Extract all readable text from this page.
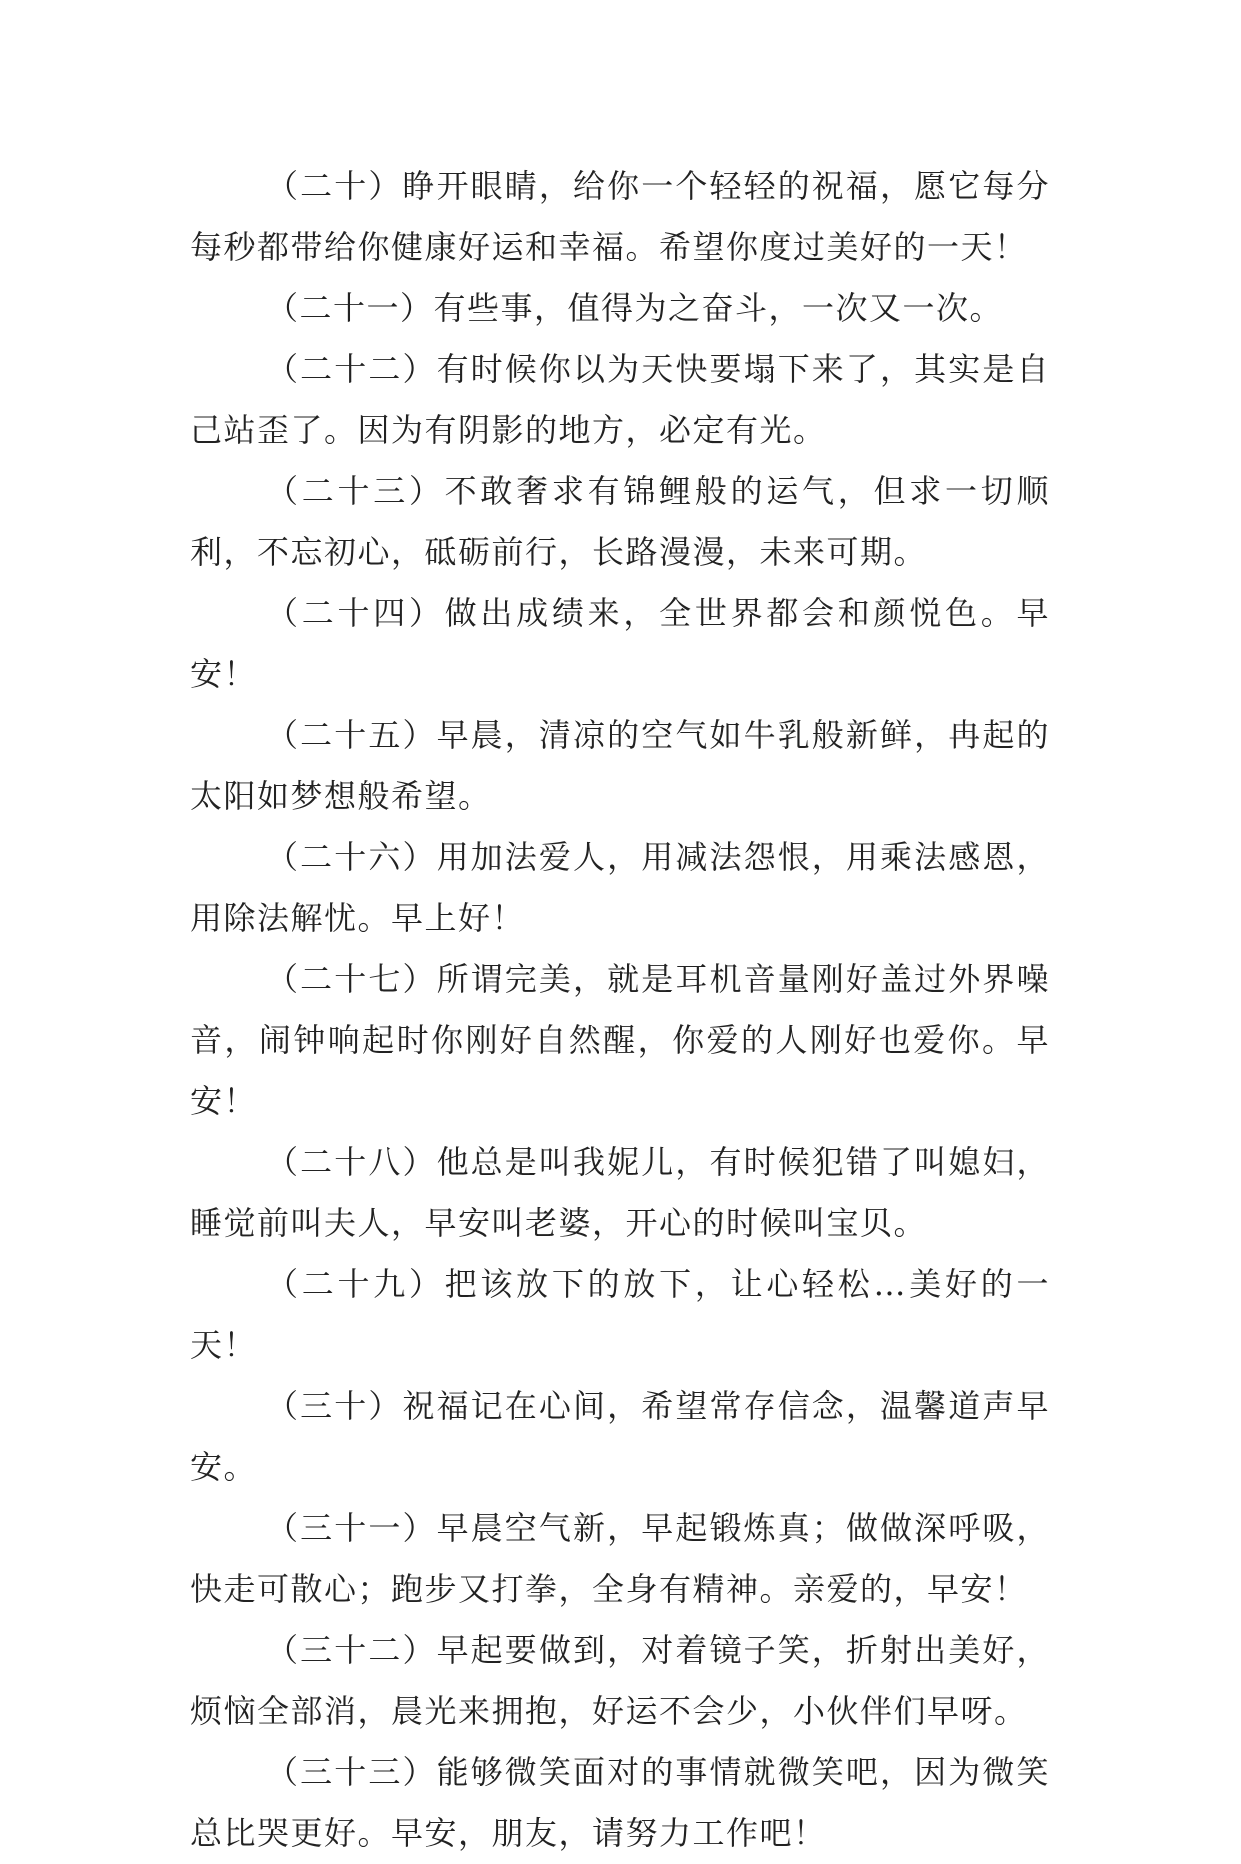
（二十）睁开眼睛，给你一个轻轻的祝福，愿它每分每秒都带给你健康好运和幸福。希望你度过美好的一天！

（二十一）有些事，值得为之奋斗，一次又一次。

（二十二）有时候你以为天快要塌下来了，其实是自己站歪了。因为有阴影的地方，必定有光。

（二十三）不敢奢求有锦鲤般的运气，但求一切顺利，不忘初心，砥砺前行，长路漫漫，未来可期。

（二十四）做出成绩来，全世界都会和颜悦色。早安！

（二十五）早晨，清凉的空气如牛乳般新鲜，冉起的太阳如梦想般希望。

（二十六）用加法爱人，用减法怨恨，用乘法感恩，用除法解忧。早上好！

（二十七）所谓完美，就是耳机音量刚好盖过外界噪音，闹钟响起时你刚好自然醒，你爱的人刚好也爱你。早安！

（二十八）他总是叫我妮儿，有时候犯错了叫媳妇，睡觉前叫夫人，早安叫老婆，开心的时候叫宝贝。

（二十九）把该放下的放下，让心轻松…美好的一天！

（三十）祝福记在心间，希望常存信念，温馨道声早安。

（三十一）早晨空气新，早起锻炼真；做做深呼吸，快走可散心；跑步又打拳，全身有精神。亲爱的，早安！

（三十二）早起要做到，对着镜子笑，折射出美好，烦恼全部消，晨光来拥抱，好运不会少，小伙伴们早呀。

（三十三）能够微笑面对的事情就微笑吧，因为微笑总比哭更好。早安，朋友，请努力工作吧！
